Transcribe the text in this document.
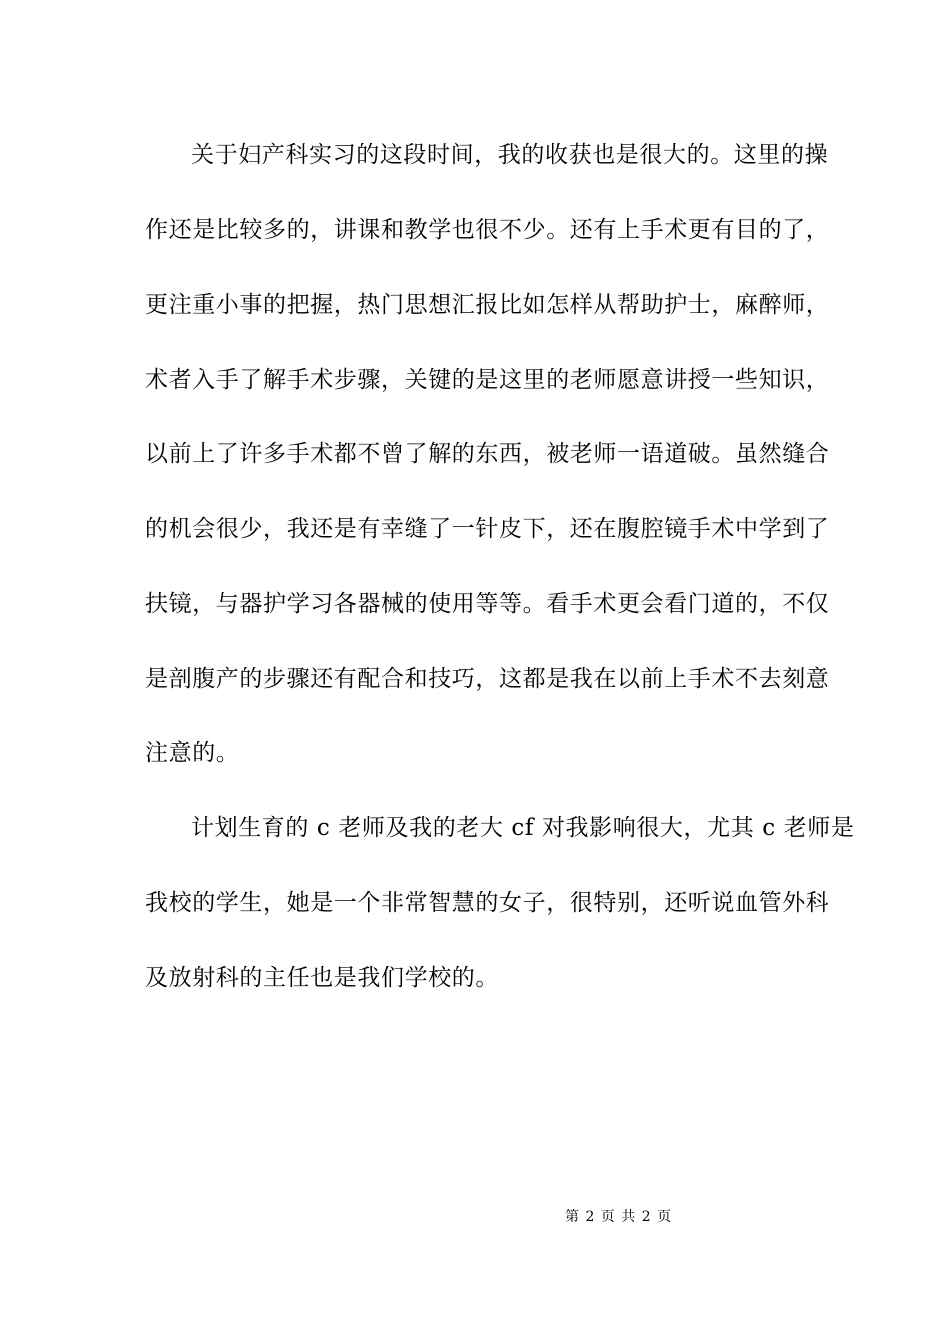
关于妇产科实习的这段时间，我的收获也是很大的。这里的操
作还是比较多的，讲课和教学也很不少。还有上手术更有目的了，
更注重小事的把握，热门思想汇报比如怎样从帮助护士，麻醉师，
术者入手了解手术步骤，关键的是这里的老师愿意讲授一些知识，
以前上了许多手术都不曾了解的东西，被老师一语道破。虽然缝合
的机会很少，我还是有幸缝了一针皮下，还在腹腔镜手术中学到了
扶镜，与器护学习各器械的使用等等。看手术更会看门道的，不仅
是剖腹产的步骤还有配合和技巧，这都是我在以前上手术不去刻意
注意的。
计划生育的 c 老师及我的老大 cf 对我影响很大，尤其 c 老师是
我校的学生，她是一个非常智慧的女子，很特别，还听说血管外科
及放射科的主任也是我们学校的。
第 2 页 共 2 页
